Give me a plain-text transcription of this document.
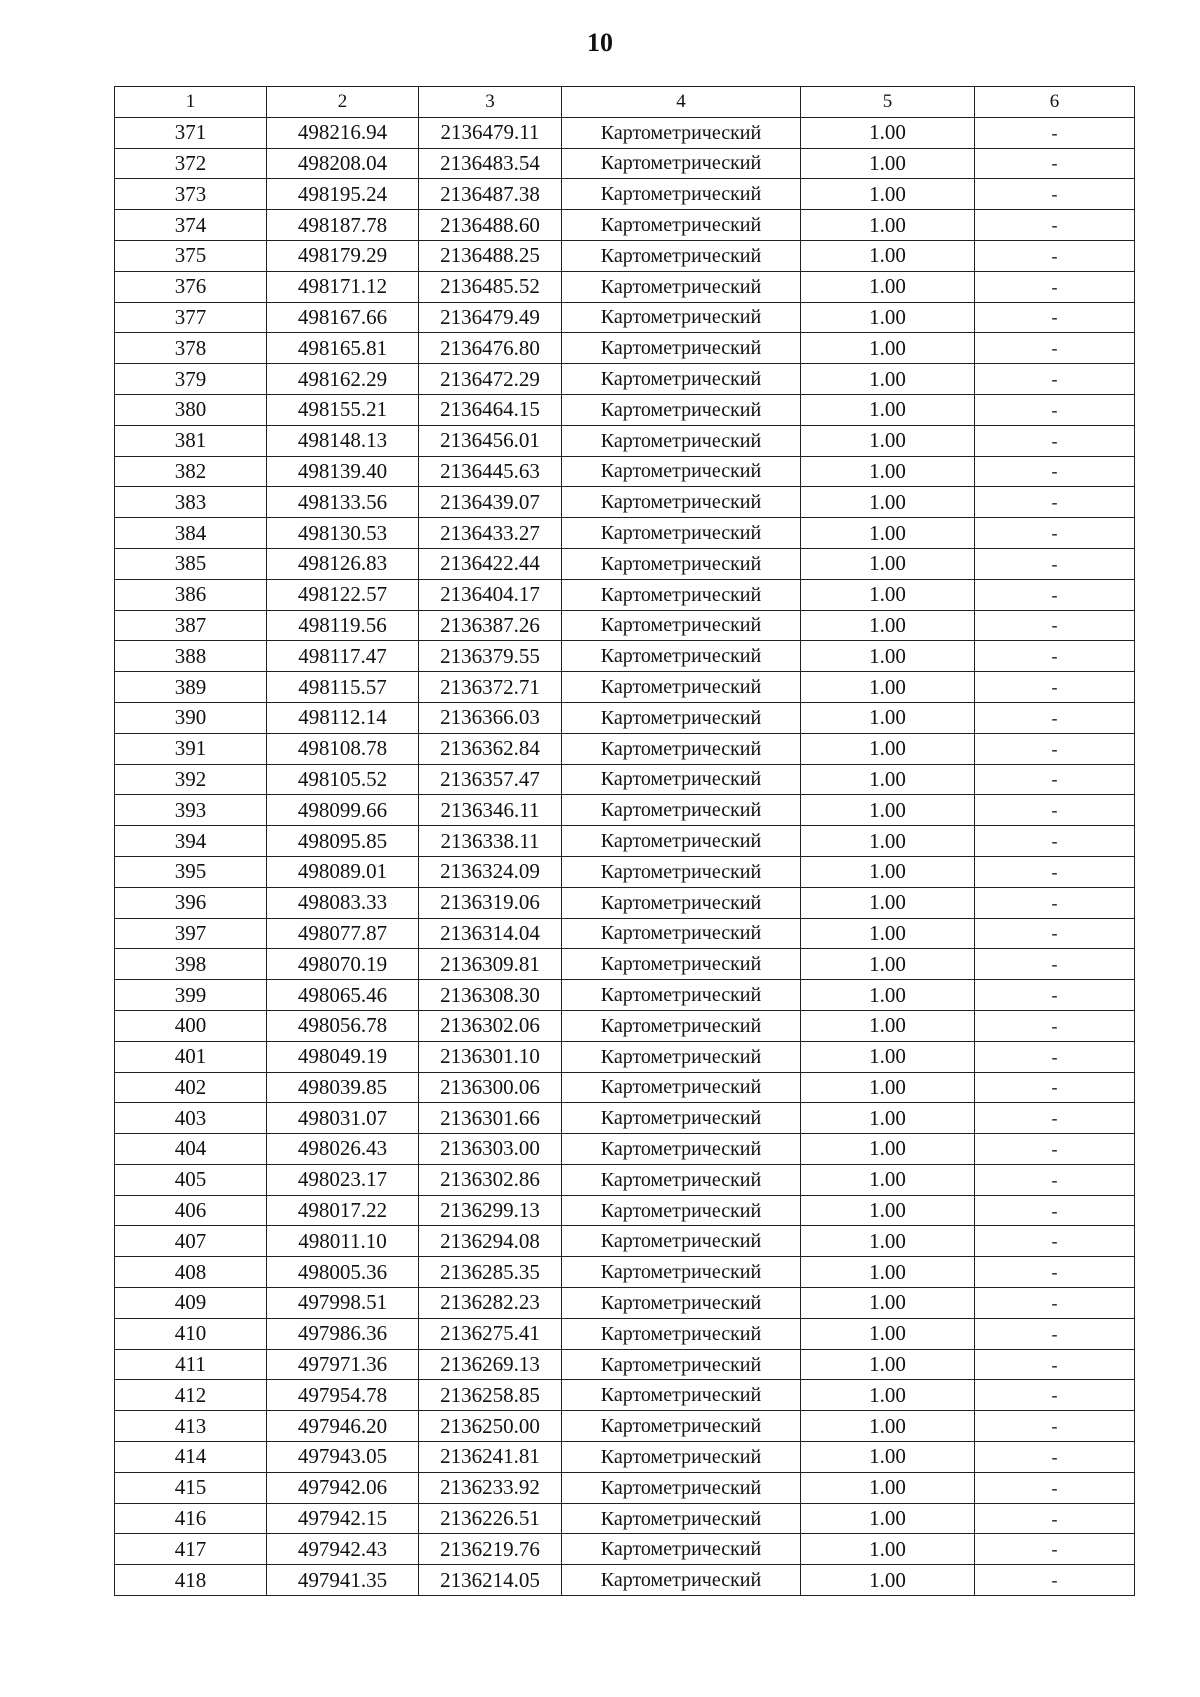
10
1	2	3	4	5	6
371	498216.94	2136479.11	Картометрический	1.00	-
372	498208.04	2136483.54	Картометрический	1.00	-
373	498195.24	2136487.38	Картометрический	1.00	-
374	498187.78	2136488.60	Картометрический	1.00	-
375	498179.29	2136488.25	Картометрический	1.00	-
376	498171.12	2136485.52	Картометрический	1.00	-
377	498167.66	2136479.49	Картометрический	1.00	-
378	498165.81	2136476.80	Картометрический	1.00	-
379	498162.29	2136472.29	Картометрический	1.00	-
380	498155.21	2136464.15	Картометрический	1.00	-
381	498148.13	2136456.01	Картометрический	1.00	-
382	498139.40	2136445.63	Картометрический	1.00	-
383	498133.56	2136439.07	Картометрический	1.00	-
384	498130.53	2136433.27	Картометрический	1.00	-
385	498126.83	2136422.44	Картометрический	1.00	-
386	498122.57	2136404.17	Картометрический	1.00	-
387	498119.56	2136387.26	Картометрический	1.00	-
388	498117.47	2136379.55	Картометрический	1.00	-
389	498115.57	2136372.71	Картометрический	1.00	-
390	498112.14	2136366.03	Картометрический	1.00	-
391	498108.78	2136362.84	Картометрический	1.00	-
392	498105.52	2136357.47	Картометрический	1.00	-
393	498099.66	2136346.11	Картометрический	1.00	-
394	498095.85	2136338.11	Картометрический	1.00	-
395	498089.01	2136324.09	Картометрический	1.00	-
396	498083.33	2136319.06	Картометрический	1.00	-
397	498077.87	2136314.04	Картометрический	1.00	-
398	498070.19	2136309.81	Картометрический	1.00	-
399	498065.46	2136308.30	Картометрический	1.00	-
400	498056.78	2136302.06	Картометрический	1.00	-
401	498049.19	2136301.10	Картометрический	1.00	-
402	498039.85	2136300.06	Картометрический	1.00	-
403	498031.07	2136301.66	Картометрический	1.00	-
404	498026.43	2136303.00	Картометрический	1.00	-
405	498023.17	2136302.86	Картометрический	1.00	-
406	498017.22	2136299.13	Картометрический	1.00	-
407	498011.10	2136294.08	Картометрический	1.00	-
408	498005.36	2136285.35	Картометрический	1.00	-
409	497998.51	2136282.23	Картометрический	1.00	-
410	497986.36	2136275.41	Картометрический	1.00	-
411	497971.36	2136269.13	Картометрический	1.00	-
412	497954.78	2136258.85	Картометрический	1.00	-
413	497946.20	2136250.00	Картометрический	1.00	-
414	497943.05	2136241.81	Картометрический	1.00	-
415	497942.06	2136233.92	Картометрический	1.00	-
416	497942.15	2136226.51	Картометрический	1.00	-
417	497942.43	2136219.76	Картометрический	1.00	-
418	497941.35	2136214.05	Картометрический	1.00	-
